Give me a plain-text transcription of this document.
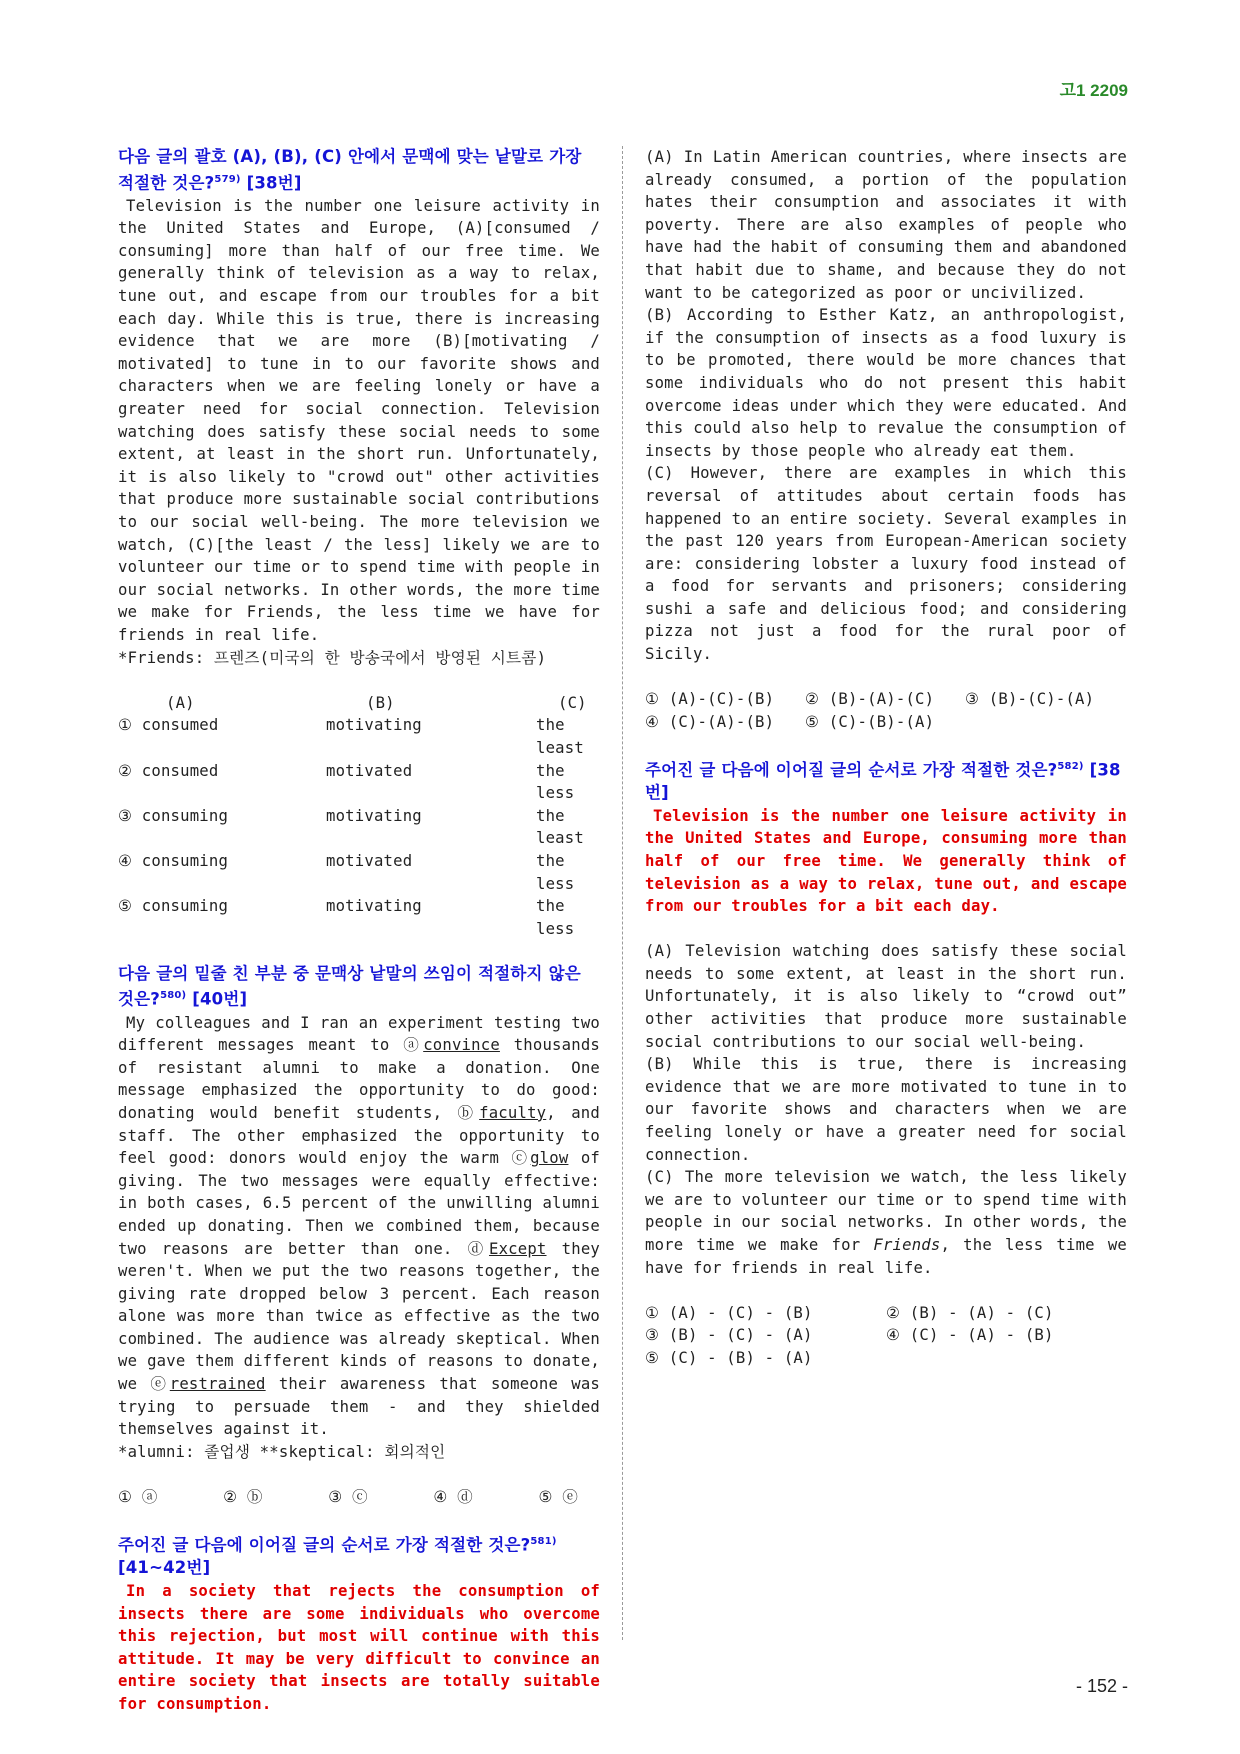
고1 2209
다음 글의 괄호 (A), (B), (C) 안에서 문맥에 맞는 낱말로 가장 적절한 것은?$^{579)}$ [38번]
Television is the number one leisure activity in the United States and Europe, (A)[consumed / consuming] more than half of our free time. We generally think of television as a way to relax, tune out, and escape from our troubles for a bit each day. While this is true, there is increasing evidence that we are more (B)[motivating / motivated] to tune in to our favorite shows and characters when we are feeling lonely or have a greater need for social connection. Television watching does satisfy these social needs to some extent, at least in the short run. Unfortunately, it is also likely to "crowd out" other activities that produce more sustainable social contributions to our social well-being. The more television we watch, (C)[the least / the less] likely we are to volunteer our time or to spend time with people in our social networks. In other words, the more time we make for Friends, the less time we have for friends in real life.
*Friends: 프렌즈(미국의 한 방송국에서 방영된 시트콤)
(A)	(B)	(C)
① consumed	motivating	the least
② consumed	motivated	the less
③ consuming	motivating	the least
④ consuming	motivated	the less
⑤ consuming	motivating	the less
다음 글의 밑줄 친 부분 중 문맥상 낱말의 쓰임이 적절하지 않은 것은?$^{580)}$ [40번]
My colleagues and I ran an experiment testing two different messages meant to ⓐconvince thousands of resistant alumni to make a donation. One message emphasized the opportunity to do good: donating would benefit students, ⓑfaculty, and staff. The other emphasized the opportunity to feel good: donors would enjoy the warm ⓒglow of giving. The two messages were equally effective: in both cases, 6.5 percent of the unwilling alumni ended up donating. Then we combined them, because two reasons are better than one. ⓓExcept they weren't. When we put the two reasons together, the giving rate dropped below 3 percent. Each reason alone was more than twice as effective as the two combined. The audience was already skeptical. When we gave them different kinds of reasons to donate, we ⓔrestrained their awareness that someone was trying to persuade them - and they shielded themselves against it.
*alumni: 졸업생 **skeptical: 회의적인
① ⓐ	② ⓑ	③ ⓒ	④ ⓓ	⑤ ⓔ
주어진 글 다음에 이어질 글의 순서로 가장 적절한 것은?$^{581)}$ [41~42번]
In a society that rejects the consumption of insects there are some individuals who overcome this rejection, but most will continue with this attitude. It may be very difficult to convince an entire society that insects are totally suitable for consumption.
(A) In Latin American countries, where insects are already consumed, a portion of the population hates their consumption and associates it with poverty. There are also examples of people who have had the habit of consuming them and abandoned that habit due to shame, and because they do not want to be categorized as poor or uncivilized.
(B) According to Esther Katz, an anthropologist, if the consumption of insects as a food luxury is to be promoted, there would be more chances that some individuals who do not present this habit overcome ideas under which they were educated. And this could also help to revalue the consumption of insects by those people who already eat them.
(C) However, there are examples in which this reversal of attitudes about certain foods has happened to an entire society. Several examples in the past 120 years from European-American society are: considering lobster a luxury food instead of a food for servants and prisoners; considering sushi a safe and delicious food; and considering pizza not just a food for the rural poor of Sicily.
① (A)-(C)-(B)	② (B)-(A)-(C)	③ (B)-(C)-(A)
④ (C)-(A)-(B)	⑤ (C)-(B)-(A)
주어진 글 다음에 이어질 글의 순서로 가장 적절한 것은?$^{582)}$ [38번]
Television is the number one leisure activity in the United States and Europe, consuming more than half of our free time. We generally think of television as a way to relax, tune out, and escape from our troubles for a bit each day.
(A) Television watching does satisfy these social needs to some extent, at least in the short run. Unfortunately, it is also likely to “crowd out” other activities that produce more sustainable social contributions to our social well-being.
(B) While this is true, there is increasing evidence that we are more motivated to tune in to our favorite shows and characters when we are feeling lonely or have a greater need for social connection.
(C) The more television we watch, the less likely we are to volunteer our time or to spend time with people in our social networks. In other words, the more time we make for Friends, the less time we have for friends in real life.
① (A) - (C) - (B)	② (B) - (A) - (C)
③ (B) - (C) - (A)	④ (C) - (A) - (B)
⑤ (C) - (B) - (A)
- 152 -
